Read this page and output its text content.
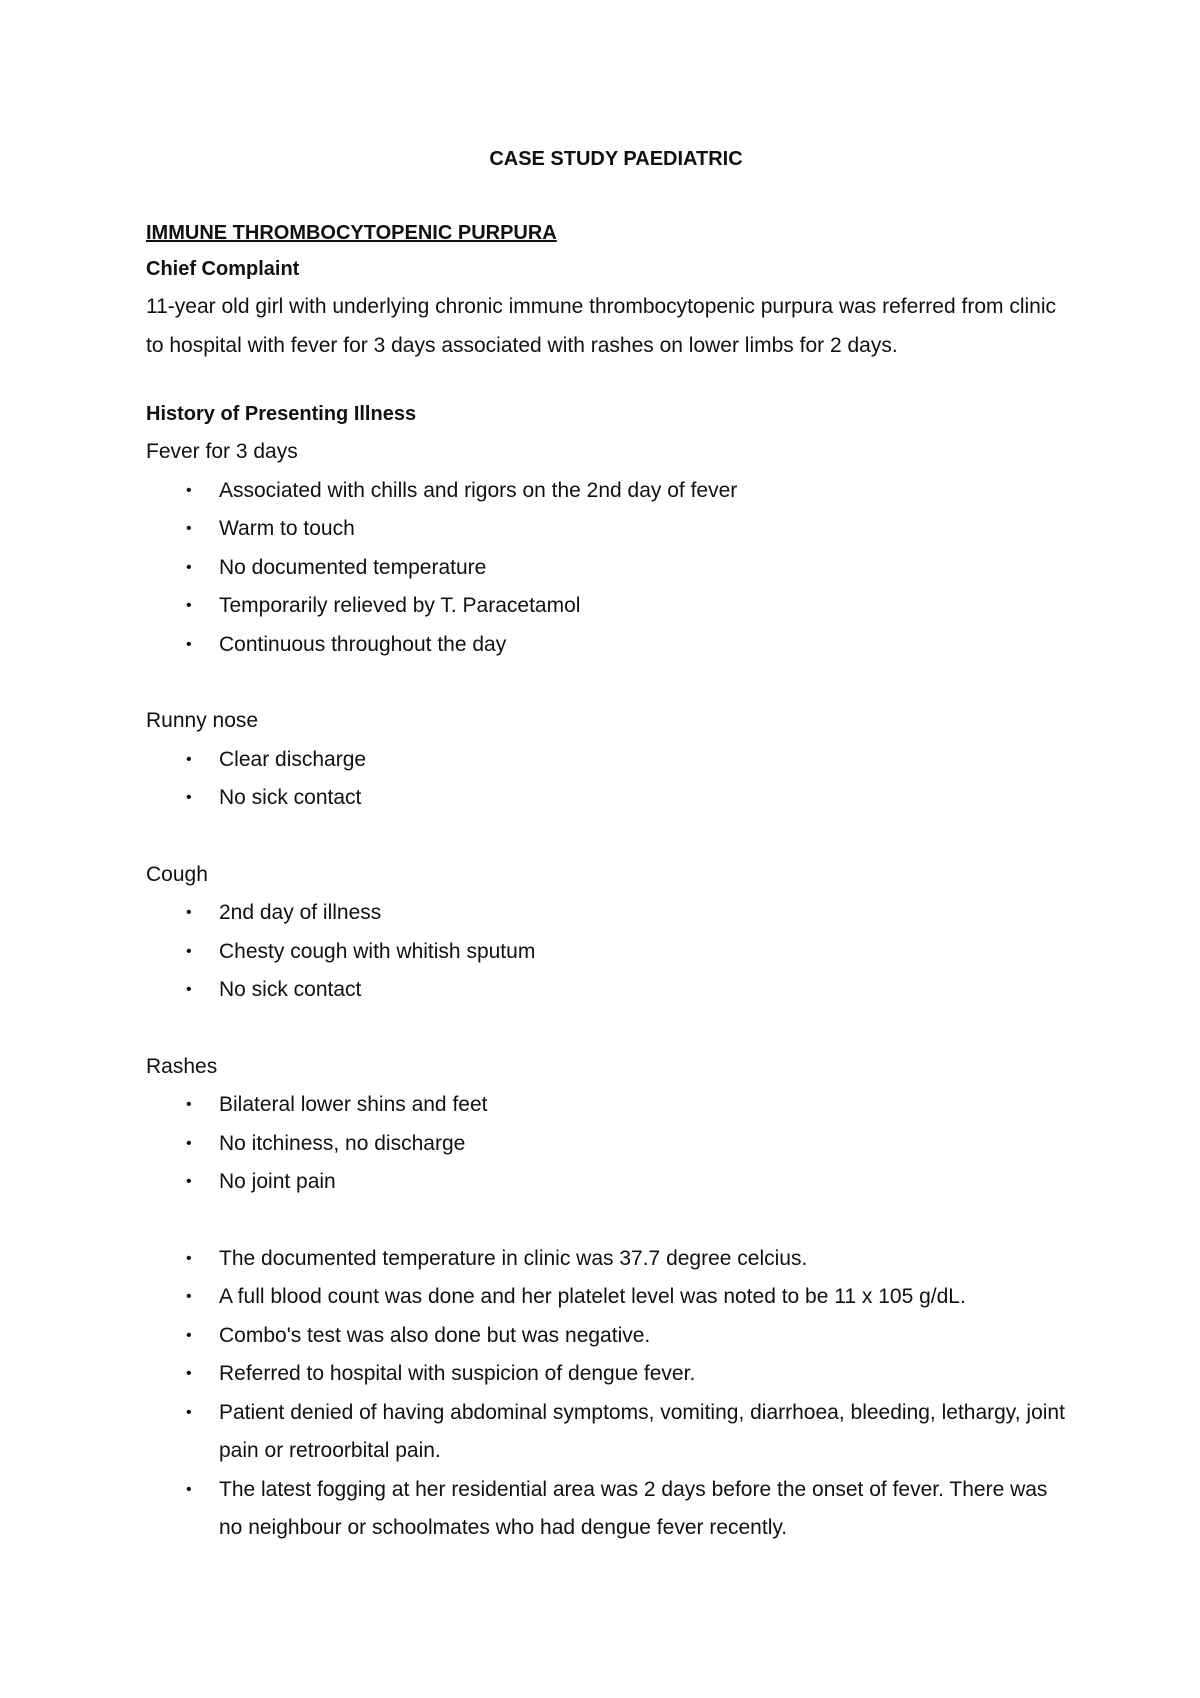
CASE STUDY PAEDIATRIC
IMMUNE THROMBOCYTOPENIC PURPURA
Chief Complaint

11-year old girl with underlying chronic immune thrombocytopenic purpura was referred from clinic to hospital with fever for 3 days associated with rashes on lower limbs for 2 days.

History of Presenting Illness

Fever for 3 days

• Associated with chills and rigors on the 2nd day of fever
• Warm to touch
• No documented temperature
• Temporarily relieved by T. Paracetamol
• Continuous throughout the day

Runny nose

• Clear discharge
• No sick contact

Cough

• 2nd day of illness
• Chesty cough with whitish sputum
• No sick contact

Rashes

• Bilateral lower shins and feet
• No itchiness, no discharge
• No joint pain
• The documented temperature in clinic was 37.7 degree celcius.
• A full blood count was done and her platelet level was noted to be 11 x 105 g/dL.
• Combo's test was also done but was negative.
• Referred to hospital with suspicion of dengue fever.
• Patient denied of having abdominal symptoms, vomiting, diarrhoea, bleeding, lethargy, joint pain or retroorbital pain.
• The latest fogging at her residential area was 2 days before the onset of fever. There was no neighbour or schoolmates who had dengue fever recently.
